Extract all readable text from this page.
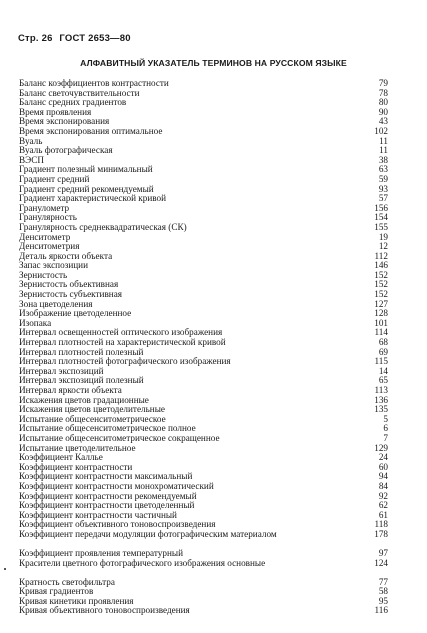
Стр. 26 ГОСТ 2653—80
АЛФАВИТНЫЙ УКАЗАТЕЛЬ ТЕРМИНОВ НА РУССКОМ ЯЗЫКЕ
Баланс коэффициентов контрастности	79
Баланс светочувствительности	78
Баланс средних градиентов	80
Время проявления	90
Время экспонирования	43
Время экспонирования оптимальное	102
Вуаль	11
Вуаль фотографическая	11
ВЭСП	38
Градиент полезный минимальный	63
Градиент средний	59
Градиент средний рекомендуемый	93
Градиент характеристической кривой	57
Гранулометр	156
Гранулярность	154
Гранулярность среднеквадратическая (СК)	155
Денситометр	19
Денситометрия	12
Деталь яркости объекта	112
Запас экспозиции	146
Зернистость	152
Зернистость объективная	152
Зернистость субъективная	152
Зона цветоделения	127
Изображение цветоделенное	128
Изопака	101
Интервал освещенностей оптического изображения	114
Интервал плотностей на характеристической кривой	68
Интервал плотностей полезный	69
Интервал плотностей фотографического изображения	115
Интервал экспозиций	14
Интервал экспозиций полезный	65
Интервал яркости объекта	113
Искажения цветов градационные	136
Искажения цветов цветоделительные	135
Испытание общесенситометрическое	5
Испытание общесенситометрическое полное	6
Испытание общесенситометрическое сокращенное	7
Испытание цветоделительное	129
Коэффициент Каллье	24
Коэффициент контрастности	60
Коэффициент контрастности максимальный	94
Коэффициент контрастности монохроматический	84
Коэффициент контрастности рекомендуемый	92
Коэффициент контрастности цветоделенный	62
Коэффициент контрастности частичный	61
Коэффициент объективного тоновоспроизведения	118
Коэффициент передачи модуляции фотографическим материалом	178
Коэффициент проявления температурный	97
Красители цветного фотографического изображения основные	124
Кратность светофильтра	77
Кривая градиентов	58
Кривая кинетики проявления	95
Кривая объективного тоновоспроизведения	116
